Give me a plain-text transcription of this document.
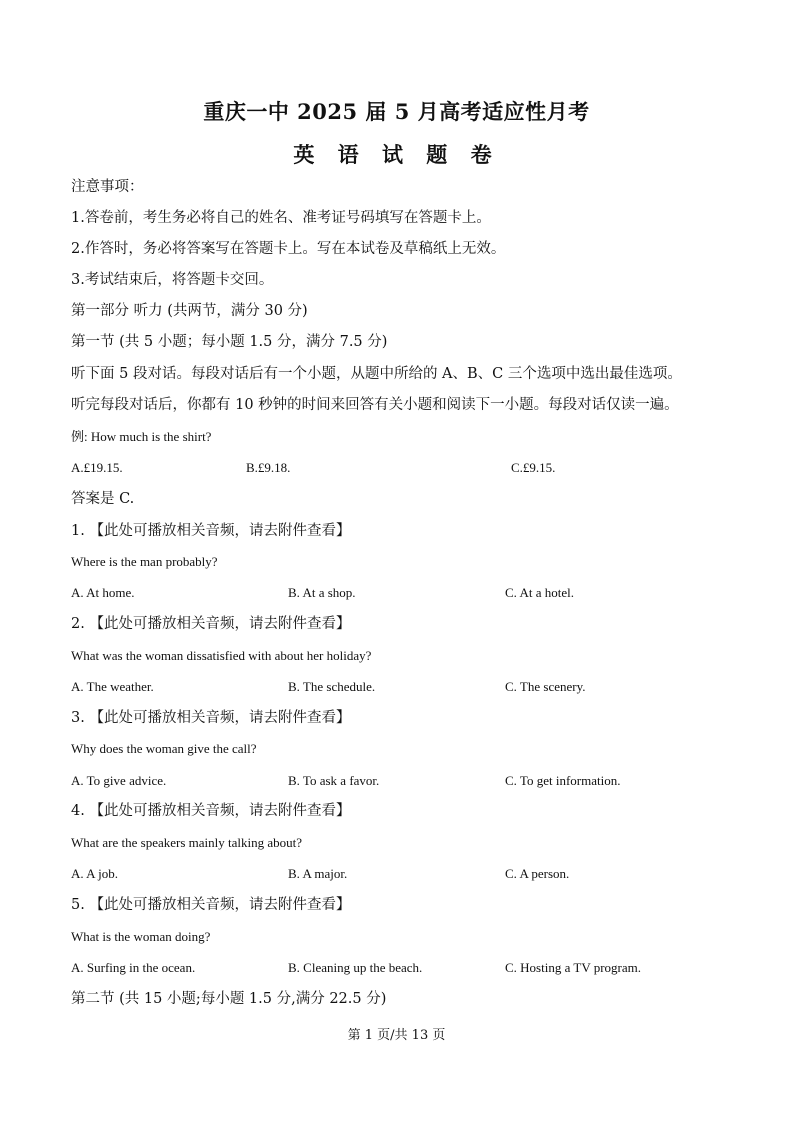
重庆一中 2025 届 5 月高考适应性月考
英 语 试 题 卷
注意事项：
1.答卷前，考生务必将自己的姓名、准考证号码填写在答题卡上。
2.作答时，务必将答案写在答题卡上。写在本试卷及草稿纸上无效。
3.考试结束后，将答题卡交回。
第一部分 听力 (共两节，满分 30 分)
第一节 (共 5 小题；每小题 1.5 分，满分 7.5 分)
听下面 5 段对话。每段对话后有一个小题，从题中所给的 A、B、C 三个选项中选出最佳选项。
听完每段对话后，你都有 10 秒钟的时间来回答有关小题和阅读下一小题。每段对话仅读一遍。
例: How much is the shirt?
A.£19.15.	B.£9.18.	C.£9.15.
答案是 C.
1. 【此处可播放相关音频，请去附件查看】
Where is the man probably?
A. At home.	B. At a shop.	C. At a hotel.
2. 【此处可播放相关音频，请去附件查看】
What was the woman dissatisfied with about her holiday?
A. The weather.	B. The schedule.	C. The scenery.
3. 【此处可播放相关音频，请去附件查看】
Why does the woman give the call?
A. To give advice.	B. To ask a favor.	C. To get information.
4. 【此处可播放相关音频，请去附件查看】
What are the speakers mainly talking about?
A. A job.	B. A major.	C. A person.
5. 【此处可播放相关音频，请去附件查看】
What is the woman doing?
A. Surfing in the ocean.	B. Cleaning up the beach.	C. Hosting a TV program.
第二节 (共 15 小题;每小题 1.5 分,满分 22.5 分)
第 1 页/共 13 页
